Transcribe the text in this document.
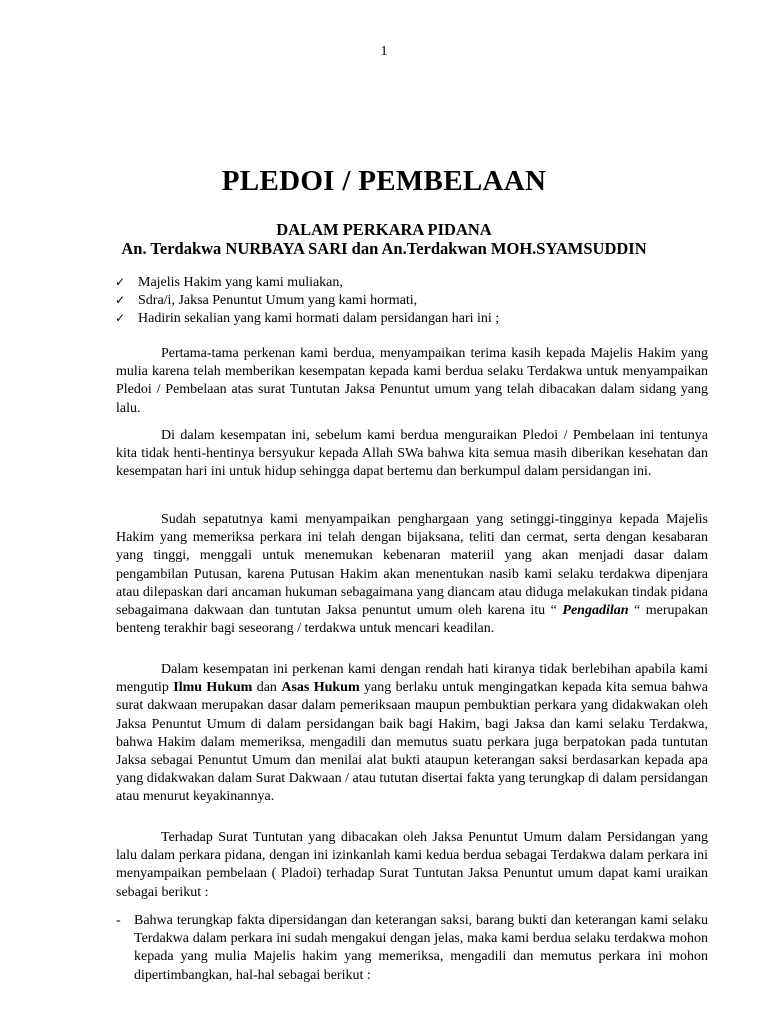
1
PLEDOI / PEMBELAAN
DALAM PERKARA PIDANA
An. Terdakwa NURBAYA SARI dan An.Terdakwan MOH.SYAMSUDDIN
✓ Majelis Hakim yang kami muliakan,
✓ Sdra/i, Jaksa Penuntut Umum yang kami hormati,
✓ Hadirin sekalian yang kami hormati dalam persidangan hari ini ;

Pertama-tama perkenan kami berdua, menyampaikan terima kasih kepada Majelis Hakim yang mulia karena telah memberikan kesempatan kepada kami berdua selaku Terdakwa untuk menyampaikan Pledoi / Pembelaan atas surat Tuntutan Jaksa Penuntut umum yang telah dibacakan dalam sidang yang lalu.

Di dalam kesempatan ini, sebelum kami berdua menguraikan Pledoi / Pembelaan ini tentunya kita tidak henti-hentinya bersyukur kepada Allah SWa bahwa kita semua masih diberikan kesehatan dan kesempatan hari ini untuk hidup sehingga dapat bertemu dan berkumpul dalam persidangan ini.

Sudah sepatutnya kami menyampaikan penghargaan yang setinggi-tingginya kepada Majelis Hakim yang memeriksa perkara ini telah dengan bijaksana, teliti dan cermat, serta dengan kesabaran yang tinggi, menggali untuk menemukan kebenaran materiil yang akan menjadi dasar dalam pengambilan Putusan, karena Putusan Hakim akan menentukan nasib kami selaku terdakwa dipenjara atau dilepaskan dari ancaman hukuman sebagaimana yang diancam atau diduga melakukan tindak pidana sebagaimana dakwaan dan tuntutan Jaksa penuntut umum oleh karena itu “ Pengadilan “ merupakan benteng terakhir bagi seseorang / terdakwa untuk mencari keadilan.

Dalam kesempatan ini perkenan kami dengan rendah hati kiranya tidak berlebihan apabila kami mengutip Ilmu Hukum dan Asas Hukum yang berlaku untuk mengingatkan kepada kita semua bahwa surat dakwaan merupakan dasar dalam pemeriksaan maupun pembuktian perkara yang didakwakan oleh Jaksa Penuntut Umum di dalam persidangan baik bagi Hakim, bagi Jaksa dan kami selaku Terdakwa, bahwa Hakim dalam memeriksa, mengadili dan memutus suatu perkara juga berpatokan pada tuntutan Jaksa sebagai Penuntut Umum dan menilai alat bukti ataupun keterangan saksi berdasarkan kepada apa yang didakwakan dalam Surat Dakwaan / atau tututan disertai fakta yang terungkap di dalam persidangan atau menurut keyakinannya.

Terhadap Surat Tuntutan yang dibacakan oleh Jaksa Penuntut Umum dalam Persidangan yang lalu dalam perkara pidana, dengan ini izinkanlah kami kedua berdua sebagai Terdakwa dalam perkara ini menyampaikan pembelaan ( Pladoi) terhadap Surat Tuntutan Jaksa Penuntut umum dapat kami uraikan sebagai berikut :

- Bahwa terungkap fakta dipersidangan dan keterangan saksi, barang bukti dan keterangan kami selaku Terdakwa dalam perkara ini sudah mengakui dengan jelas, maka kami berdua selaku terdakwa mohon kepada yang mulia Majelis hakim yang memeriksa, mengadili dan memutus perkara ini mohon dipertimbangkan, hal-hal sebagai berikut :
